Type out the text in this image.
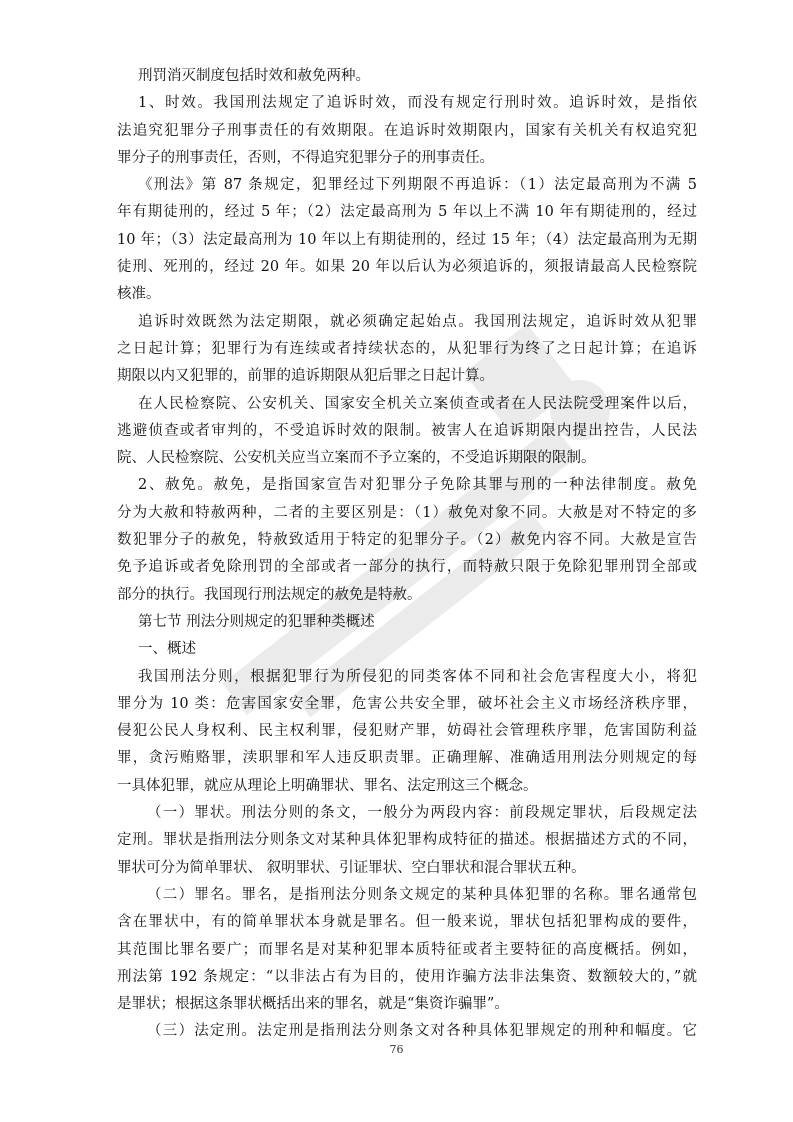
刑罚消灭制度包括时效和赦免两种。
1、时效。我国刑法规定了追诉时效，而没有规定行刑时效。追诉时效，是指依
法追究犯罪分子刑事责任的有效期限。在追诉时效期限内，国家有关机关有权追究犯
罪分子的刑事责任，否则，不得追究犯罪分子的刑事责任。
《刑法》第 87 条规定，犯罪经过下列期限不再追诉：（1）法定最高刑为不满 5
年有期徒刑的，经过 5 年；（2）法定最高刑为 5 年以上不满 10 年有期徒刑的，经过
10 年；（3）法定最高刑为 10 年以上有期徒刑的，经过 15 年；（4）法定最高刑为无期
徒刑、死刑的，经过 20 年。如果 20 年以后认为必须追诉的，须报请最高人民检察院
核准。
追诉时效既然为法定期限，就必须确定起始点。我国刑法规定，追诉时效从犯罪
之日起计算；犯罪行为有连续或者持续状态的，从犯罪行为终了之日起计算；在追诉
期限以内又犯罪的，前罪的追诉期限从犯后罪之日起计算。
在人民检察院、公安机关、国家安全机关立案侦查或者在人民法院受理案件以后，
逃避侦查或者审判的，不受追诉时效的限制。被害人在追诉期限内提出控告，人民法
院、人民检察院、公安机关应当立案而不予立案的，不受追诉期限的限制。
2、赦免。赦免，是指国家宣告对犯罪分子免除其罪与刑的一种法律制度。赦免
分为大赦和特赦两种，二者的主要区别是：（1）赦免对象不同。大赦是对不特定的多
数犯罪分子的赦免，特赦致适用于特定的犯罪分子。（2）赦免内容不同。大赦是宣告
免予追诉或者免除刑罚的全部或者一部分的执行，而特赦只限于免除犯罪刑罚全部或
部分的执行。我国现行刑法规定的赦免是特赦。
第七节 刑法分则规定的犯罪种类概述
一、概述
我国刑法分则，根据犯罪行为所侵犯的同类客体不同和社会危害程度大小，将犯
罪分为 10 类：危害国家安全罪，危害公共安全罪，破坏社会主义市场经济秩序罪，
侵犯公民人身权利、民主权利罪，侵犯财产罪，妨碍社会管理秩序罪，危害国防利益
罪，贪污贿赂罪，渎职罪和军人违反职责罪。正确理解、准确适用刑法分则规定的每
一具体犯罪，就应从理论上明确罪状、罪名、法定刑这三个概念。
（一）罪状。刑法分则的条文，一般分为两段内容：前段规定罪状，后段规定法
定刑。罪状是指刑法分则条文对某种具体犯罪构成特征的描述。根据描述方式的不同，
罪状可分为简单罪状、 叙明罪状、引证罪状、空白罪状和混合罪状五种。
（二）罪名。罪名，是指刑法分则条文规定的某种具体犯罪的名称。罪名通常包
含在罪状中，有的简单罪状本身就是罪名。但一般来说，罪状包括犯罪构成的要件，
其范围比罪名要广；而罪名是对某种犯罪本质特征或者主要特征的高度概括。例如，
刑法第 192 条规定：“以非法占有为目的，使用诈骗方法非法集资、数额较大的，”就
是罪状；根据这条罪状概括出来的罪名，就是“集资诈骗罪”。
（三）法定刑。法定刑是指刑法分则条文对各种具体犯罪规定的刑种和幅度。它
76
